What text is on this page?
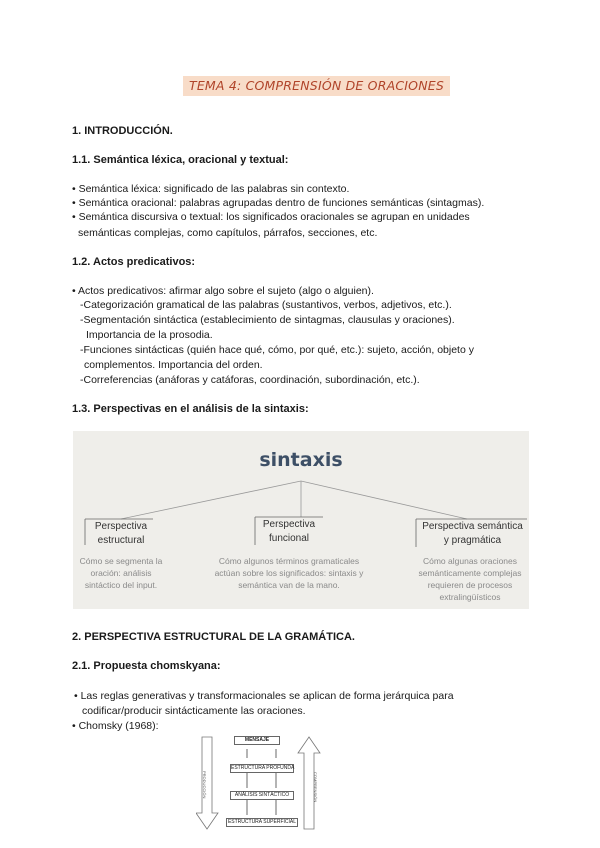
TEMA 4: COMPRENSIÓN DE ORACIONES
1. INTRODUCCIÓN.
1.1. Semántica léxica, oracional y textual:
• Semántica léxica: significado de las palabras sin contexto.
• Semántica oracional: palabras agrupadas dentro de funciones semánticas (sintagmas).
• Semántica discursiva o textual: los significados oracionales se agrupan en unidades
semánticas complejas, como capítulos, párrafos, secciones, etc.
1.2. Actos predicativos:
• Actos predicativos: afirmar algo sobre el sujeto (algo o alguien).
-Categorización gramatical de las palabras (sustantivos, verbos, adjetivos, etc.).
-Segmentación sintáctica (establecimiento de sintagmas, clausulas y oraciones).
Importancia de la prosodia.
-Funciones sintácticas (quién hace qué, cómo, por qué, etc.): sujeto, acción, objeto y
complementos. Importancia del orden.
-Correferencias (anáforas y catáforas, coordinación, subordinación, etc.).
1.3. Perspectivas en el análisis de la sintaxis:
sintaxis
Perspectiva
estructural
Cómo se segmenta la
oración: análisis
sintáctico del input.
Perspectiva
funcional
Cómo algunos términos gramaticales
actúan sobre los significados: sintaxis y
semántica van de la mano.
Perspectiva semántica
y pragmática
Cómo algunas oraciones
semánticamente complejas
requieren de procesos
extralingüísticos
2. PERSPECTIVA ESTRUCTURAL DE LA GRAMÁTICA.
2.1. Propuesta chomskyana:
• Las reglas generativas y transformacionales se aplican de forma jerárquica para
codificar/producir sintácticamente las oraciones.
• Chomsky (1968):
PRODUCCIÓN	COMPRENSIÓN
MENSAJE
ESTRUCTURA PROFUNDA
ANÁLISIS SINTÁCTICO
ESTRUCTURA SUPERFICIAL
